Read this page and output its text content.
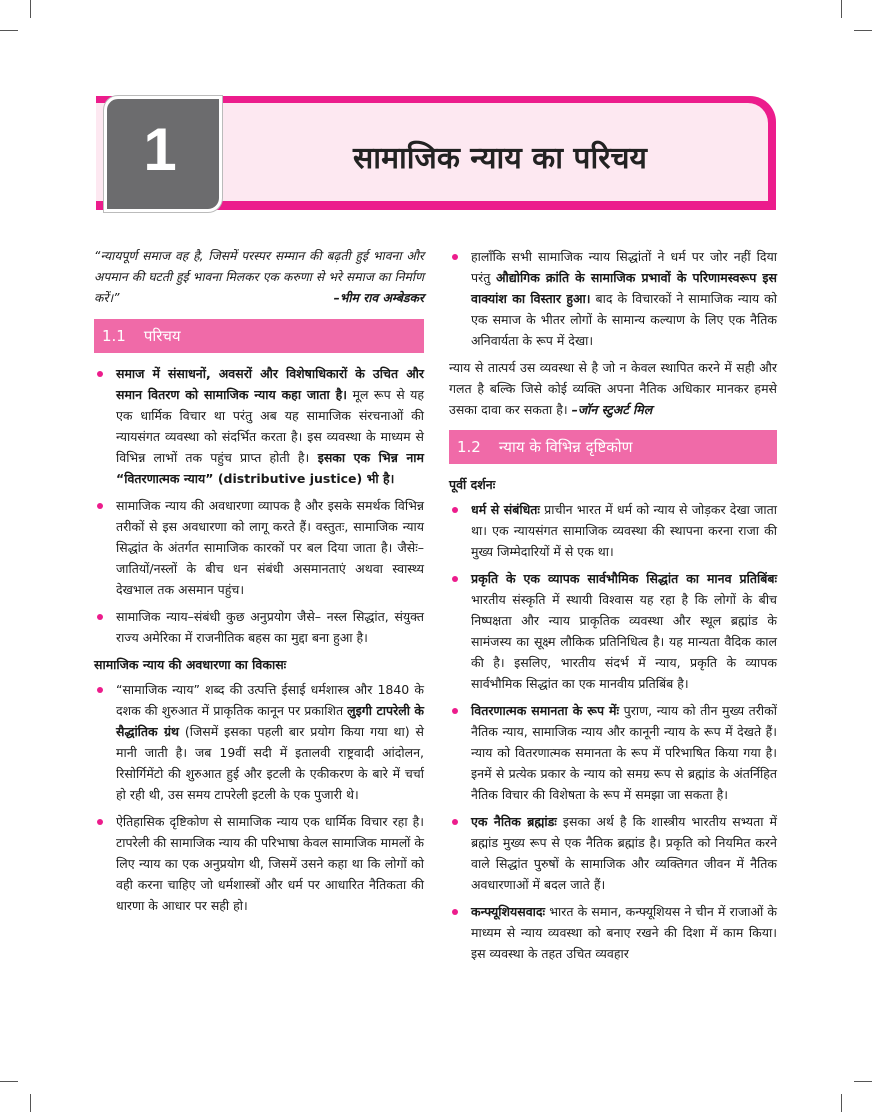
1	सामाजिक न्याय का परिचय
“न्यायपूर्ण समाज वह है, जिसमें परस्पर सम्मान की बढ़ती हुई भावना और अपमान की घटती हुई भावना मिलकर एक करुणा से भरे समाज का निर्माण करें।”	–भीम राव अम्बेडकर
1.1 परिचय
समाज में संसाधनों, अवसरों और विशेषाधिकारों के उचित और समान वितरण को सामाजिक न्याय कहा जाता है। मूल रूप से यह एक धार्मिक विचार था परंतु अब यह सामाजिक संरचनाओं की न्यायसंगत व्यवस्था को संदर्भित करता है। इस व्यवस्था के माध्यम से विभिन्न लाभों तक पहुंच प्राप्त होती है। इसका एक भिन्न नाम “वितरणात्मक न्याय” (distributive justice) भी है।
सामाजिक न्याय की अवधारणा व्यापक है और इसके समर्थक विभिन्न तरीकों से इस अवधारणा को लागू करते हैं। वस्तुतः, सामाजिक न्याय सिद्धांत के अंतर्गत सामाजिक कारकों पर बल दिया जाता है। जैसेः– जातियों/नस्लों के बीच धन संबंधी असमानताएं अथवा स्वास्थ्य देखभाल तक असमान पहुंच।
सामाजिक न्याय–संबंधी कुछ अनुप्रयोग जैसे– नस्ल सिद्धांत, संयुक्त राज्य अमेरिका में राजनीतिक बहस का मुद्दा बना हुआ है।
सामाजिक न्याय की अवधारणा का विकासः
“सामाजिक न्याय” शब्द की उत्पत्ति ईसाई धर्मशास्त्र और 1840 के दशक की शुरुआत में प्राकृतिक कानून पर प्रकाशित लुइगी टापरेली के सैद्धांतिक ग्रंथ (जिसमें इसका पहली बार प्रयोग किया गया था) से मानी जाती है। जब 19वीं सदी में इतालवी राष्ट्रवादी आंदोलन, रिसोर्गिमेंटो की शुरुआत हुई और इटली के एकीकरण के बारे में चर्चा हो रही थी, उस समय टापरेली इटली के एक पुजारी थे।
ऐतिहासिक दृष्टिकोण से सामाजिक न्याय एक धार्मिक विचार रहा है। टापरेली की सामाजिक न्याय की परिभाषा केवल सामाजिक मामलों के लिए न्याय का एक अनुप्रयोग थी, जिसमें उसने कहा था कि लोगों को वही करना चाहिए जो धर्मशास्त्रों और धर्म पर आधारित नैतिकता की धारणा के आधार पर सही हो।
हालाँकि सभी सामाजिक न्याय सिद्धांतों ने धर्म पर जोर नहीं दिया परंतु औद्योगिक क्रांति के सामाजिक प्रभावों के परिणामस्वरूप इस वाक्यांश का विस्तार हुआ। बाद के विचारकों ने सामाजिक न्याय को एक समाज के भीतर लोगों के सामान्य कल्याण के लिए एक नैतिक अनिवार्यता के रूप में देखा।
न्याय से तात्पर्य उस व्यवस्था से है जो न केवल स्थापित करने में सही और गलत है बल्कि जिसे कोई व्यक्ति अपना नैतिक अधिकार मानकर हमसे उसका दावा कर सकता है। –जॉन स्टुअर्ट मिल
1.2 न्याय के विभिन्न दृष्टिकोण
पूर्वी दर्शनः
धर्म से संबंधितः प्राचीन भारत में धर्म को न्याय से जोड़कर देखा जाता था। एक न्यायसंगत सामाजिक व्यवस्था की स्थापना करना राजा की मुख्य जिम्मेदारियों में से एक था।
प्रकृति के एक व्यापक सार्वभौमिक सिद्धांत का मानव प्रतिबिंबः भारतीय संस्कृति में स्थायी विश्वास यह रहा है कि लोगों के बीच निष्पक्षता और न्याय प्राकृतिक व्यवस्था और स्थूल ब्रह्मांड के सामंजस्य का सूक्ष्म लौकिक प्रतिनिधित्व है। यह मान्यता वैदिक काल की है। इसलिए, भारतीय संदर्भ में न्याय, प्रकृति के व्यापक सार्वभौमिक सिद्धांत का एक मानवीय प्रतिबिंब है।
वितरणात्मक समानता के रूप मेंः पुराण, न्याय को तीन मुख्य तरीकों नैतिक न्याय, सामाजिक न्याय और कानूनी न्याय के रूप में देखते हैं। न्याय को वितरणात्मक समानता के रूप में परिभाषित किया गया है। इनमें से प्रत्येक प्रकार के न्याय को समग्र रूप से ब्रह्मांड के अंतर्निहित नैतिक विचार की विशेषता के रूप में समझा जा सकता है।
एक नैतिक ब्रह्मांडः इसका अर्थ है कि शास्त्रीय भारतीय सभ्यता में ब्रह्मांड मुख्य रूप से एक नैतिक ब्रह्मांड है। प्रकृति को नियमित करने वाले सिद्धांत पुरुषों के सामाजिक और व्यक्तिगत जीवन में नैतिक अवधारणाओं में बदल जाते हैं।
कन्फ्यूशियसवादः भारत के समान, कन्फ्यूशियस ने चीन में राजाओं के माध्यम से न्याय व्यवस्था को बनाए रखने की दिशा में काम किया। इस व्यवस्था के तहत उचित व्यवहार
